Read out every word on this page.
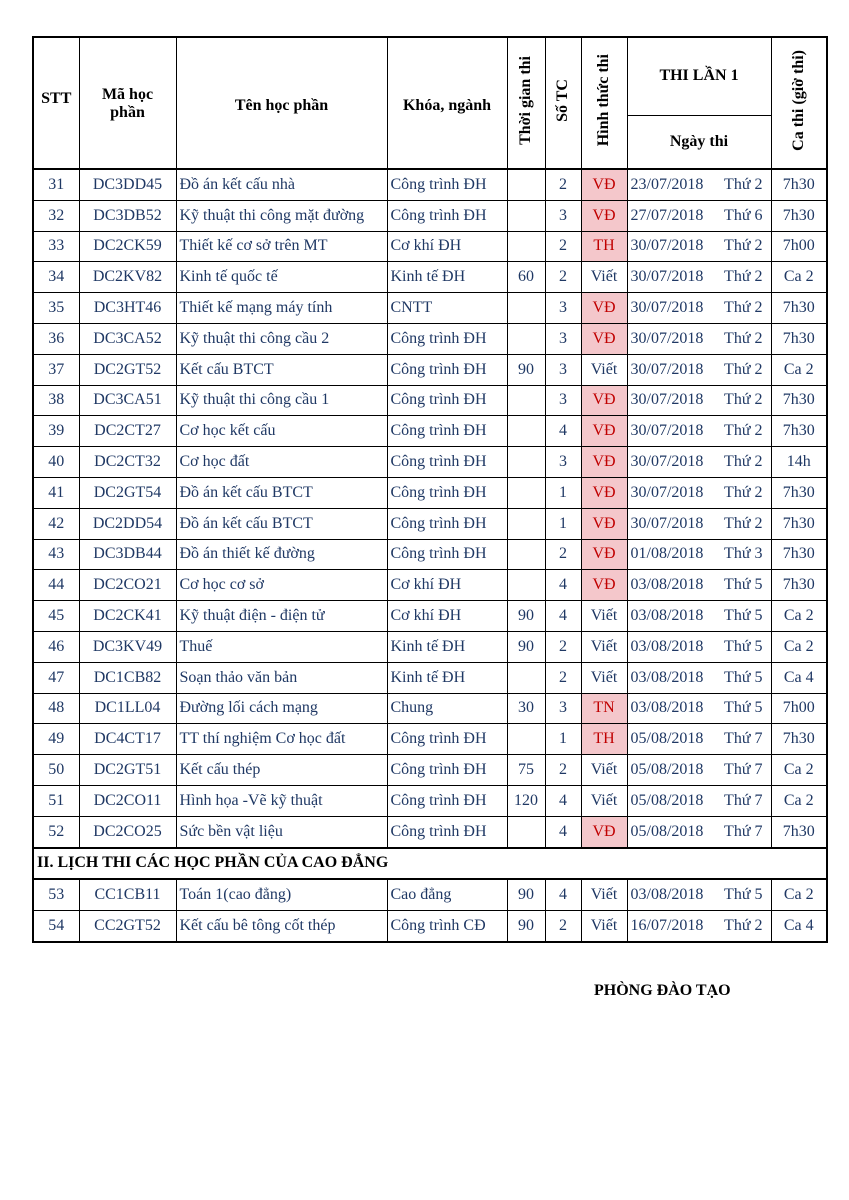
STT	Mã học phần	Tên học phần	Khóa, ngành	Thời gian thi	Số TC	Hình thức thi	THI LẦN 1	Ca thi (giờ thi)
							Ngày thi	
31	DC3DD45	Đồ án kết cấu nhà	Công trình ĐH		2	VĐ	23/07/2018 Thứ 2	7h30
32	DC3DB52	Kỹ thuật thi công mặt đường	Công trình ĐH		3	VĐ	27/07/2018 Thứ 6	7h30
33	DC2CK59	Thiết kế cơ sở trên MT	Cơ khí ĐH		2	TH	30/07/2018 Thứ 2	7h00
34	DC2KV82	Kinh tế quốc tế	Kinh tế ĐH	60	2	Viết	30/07/2018 Thứ 2	Ca 2
35	DC3HT46	Thiết kế mạng máy tính	CNTT		3	VĐ	30/07/2018 Thứ 2	7h30
36	DC3CA52	Kỹ thuật thi công cầu 2	Công trình ĐH		3	VĐ	30/07/2018 Thứ 2	7h30
37	DC2GT52	Kết cấu BTCT	Công trình ĐH	90	3	Viết	30/07/2018 Thứ 2	Ca 2
38	DC3CA51	Kỹ thuật thi công cầu 1	Công trình ĐH		3	VĐ	30/07/2018 Thứ 2	7h30
39	DC2CT27	Cơ học kết cấu	Công trình ĐH		4	VĐ	30/07/2018 Thứ 2	7h30
40	DC2CT32	Cơ học đất	Công trình ĐH		3	VĐ	30/07/2018 Thứ 2	14h
41	DC2GT54	Đồ án kết cấu BTCT	Công trình ĐH		1	VĐ	30/07/2018 Thứ 2	7h30
42	DC2DD54	Đồ án kết cấu BTCT	Công trình ĐH		1	VĐ	30/07/2018 Thứ 2	7h30
43	DC3DB44	Đồ án thiết kế đường	Công trình ĐH		2	VĐ	01/08/2018 Thứ 3	7h30
44	DC2CO21	Cơ học cơ sở	Cơ khí ĐH		4	VĐ	03/08/2018 Thứ 5	7h30
45	DC2CK41	Kỹ thuật điện - điện tử	Cơ khí ĐH	90	4	Viết	03/08/2018 Thứ 5	Ca 2
46	DC3KV49	Thuế	Kinh tế ĐH	90	2	Viết	03/08/2018 Thứ 5	Ca 2
47	DC1CB82	Soạn thảo văn bản	Kinh tế ĐH		2	Viết	03/08/2018 Thứ 5	Ca 4
48	DC1LL04	Đường lối cách mạng	Chung	30	3	TN	03/08/2018 Thứ 5	7h00
49	DC4CT17	TT thí nghiệm Cơ học đất	Công trình ĐH		1	TH	05/08/2018 Thứ 7	7h30
50	DC2GT51	Kết cấu thép	Công trình ĐH	75	2	Viết	05/08/2018 Thứ 7	Ca 2
51	DC2CO11	Hình họa -Vẽ kỹ thuật	Công trình ĐH	120	4	Viết	05/08/2018 Thứ 7	Ca 2
52	DC2CO25	Sức bền vật liệu	Công trình ĐH		4	VĐ	05/08/2018 Thứ 7	7h30
II. LỊCH THI CÁC HỌC PHẦN CỦA CAO ĐẲNG								
53	CC1CB11	Toán 1(cao đẳng)	Cao đẳng	90	4	Viết	03/08/2018 Thứ 5	Ca 2
54	CC2GT52	Kết cấu bê tông cốt thép	Công trình CĐ	90	2	Viết	16/07/2018 Thứ 2	Ca 4
PHÒNG ĐÀO TẠO
